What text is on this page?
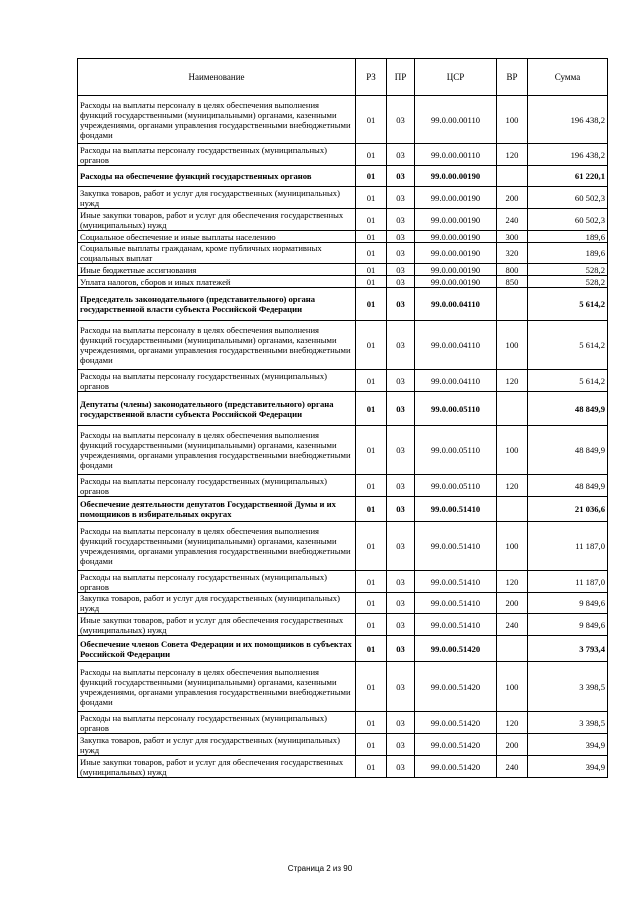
Наименование	РЗ	ПР	ЦСР	ВР	Сумма
Расходы на выплаты персоналу в целях обеспечения выполнения функций государственными (муниципальными) органами, казенными учреждениями, органами управления государственными внебюджетными фондами	01	03	99.0.00.00110	100	196 438,2
Расходы на выплаты персоналу государственных (муниципальных) органов	01	03	99.0.00.00110	120	196 438,2
Расходы на обеспечение функций государственных органов	01	03	99.0.00.00190		61 220,1
Закупка товаров, работ и услуг для государственных (муниципальных) нужд	01	03	99.0.00.00190	200	60 502,3
Иные закупки товаров, работ и услуг для обеспечения государственных (муниципальных) нужд	01	03	99.0.00.00190	240	60 502,3
Социальное обеспечение и иные выплаты населению	01	03	99.0.00.00190	300	189,6
Социальные выплаты гражданам, кроме публичных нормативных социальных выплат	01	03	99.0.00.00190	320	189,6
Иные бюджетные ассигнования	01	03	99.0.00.00190	800	528,2
Уплата налогов, сборов и иных платежей	01	03	99.0.00.00190	850	528,2
Председатель законодательного (представительного) органа государственной власти субъекта Российской Федерации	01	03	99.0.00.04110		5 614,2
Расходы на выплаты персоналу в целях обеспечения выполнения функций государственными (муниципальными) органами, казенными учреждениями, органами управления государственными внебюджетными фондами	01	03	99.0.00.04110	100	5 614,2
Расходы на выплаты персоналу государственных (муниципальных) органов	01	03	99.0.00.04110	120	5 614,2
Депутаты (члены) законодательного (представительного) органа государственной власти субъекта Российской Федерации	01	03	99.0.00.05110		48 849,9
Расходы на выплаты персоналу в целях обеспечения выполнения функций государственными (муниципальными) органами, казенными учреждениями, органами управления государственными внебюджетными фондами	01	03	99.0.00.05110	100	48 849,9
Расходы на выплаты персоналу государственных (муниципальных) органов	01	03	99.0.00.05110	120	48 849,9
Обеспечение деятельности депутатов Государственной Думы и их помощников в избирательных округах	01	03	99.0.00.51410		21 036,6
Расходы на выплаты персоналу в целях обеспечения выполнения функций государственными (муниципальными) органами, казенными учреждениями, органами управления государственными внебюджетными фондами	01	03	99.0.00.51410	100	11 187,0
Расходы на выплаты персоналу государственных (муниципальных) органов	01	03	99.0.00.51410	120	11 187,0
Закупка товаров, работ и услуг для государственных (муниципальных) нужд	01	03	99.0.00.51410	200	9 849,6
Иные закупки товаров, работ и услуг для обеспечения государственных (муниципальных) нужд	01	03	99.0.00.51410	240	9 849,6
Обеспечение членов Совета Федерации и их помощников в субъектах Российской Федерации	01	03	99.0.00.51420		3 793,4
Расходы на выплаты персоналу в целях обеспечения выполнения функций государственными (муниципальными) органами, казенными учреждениями, органами управления государственными внебюджетными фондами	01	03	99.0.00.51420	100	3 398,5
Расходы на выплаты персоналу государственных (муниципальных) органов	01	03	99.0.00.51420	120	3 398,5
Закупка товаров, работ и услуг для государственных (муниципальных) нужд	01	03	99.0.00.51420	200	394,9
Иные закупки товаров, работ и услуг для обеспечения государственных (муниципальных) нужд	01	03	99.0.00.51420	240	394,9
Страница 2 из 90
